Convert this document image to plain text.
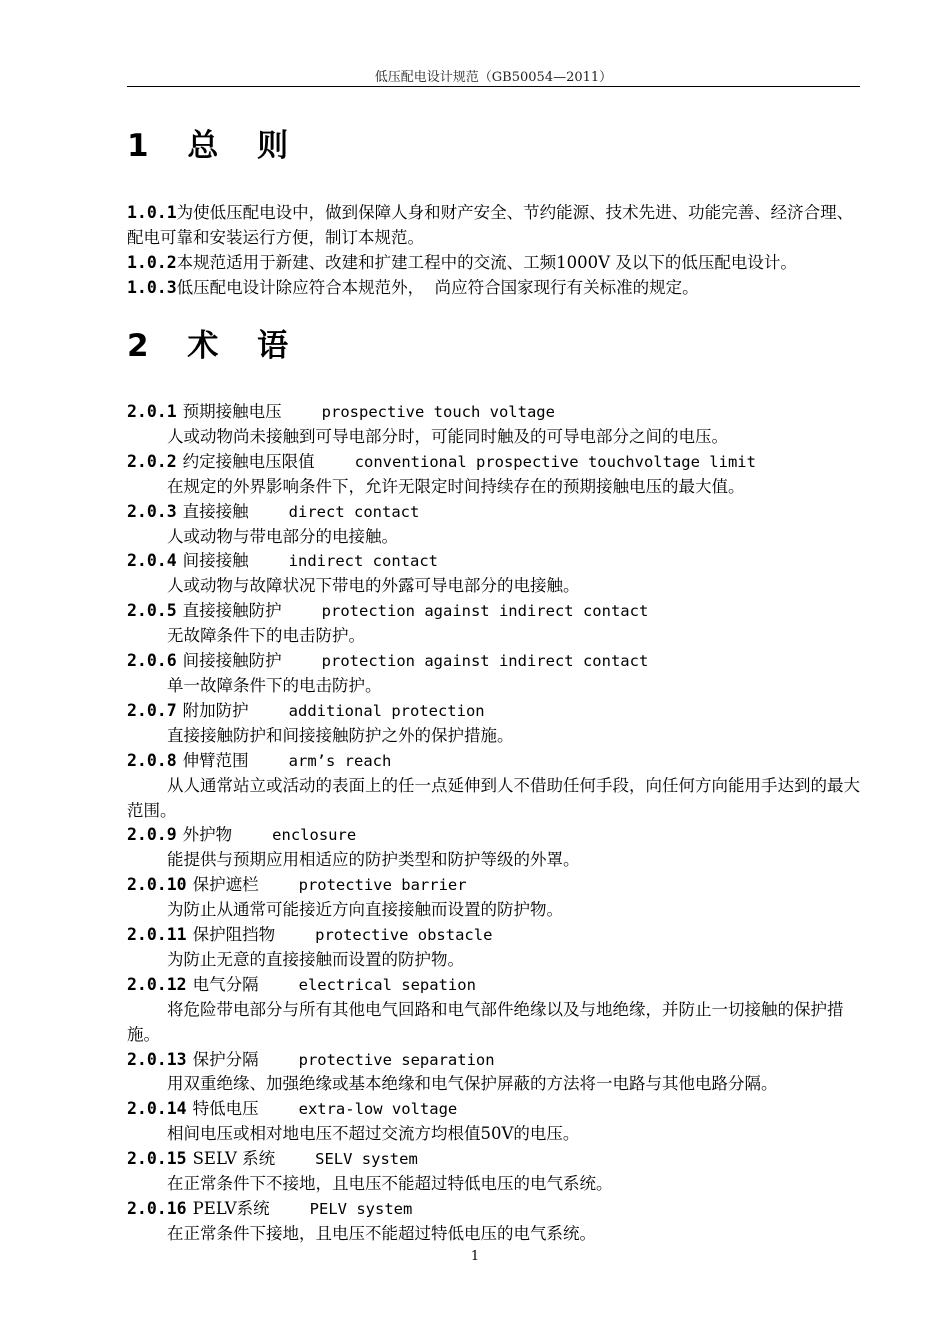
低压配电设计规范（GB50054—2011）
1 总 则
1.0.1为使低压配电设中，做到保障人身和财产安全、节约能源、技术先进、功能完善、经济合理、配电可靠和安装运行方便，制订本规范。
1.0.2本规范适用于新建、改建和扩建工程中的交流、工频1000V 及以下的低压配电设计。
1.0.3低压配电设计除应符合本规范外，  尚应符合国家现行有关标准的规定。
2 术 语
2.0.1 预期接触电压	prospective touch voltage
人或动物尚未接触到可导电部分时，可能同时触及的可导电部分之间的电压。
2.0.2 约定接触电压限值	conventional prospective touchvoltage limit
在规定的外界影响条件下，允许无限定时间持续存在的预期接触电压的最大值。
2.0.3 直接接触	direct contact
人或动物与带电部分的电接触。
2.0.4 间接接触	indirect contact
人或动物与故障状况下带电的外露可导电部分的电接触。
2.0.5 直接接触防护	protection against indirect contact
无故障条件下的电击防护。
2.0.6 间接接触防护	protection against indirect contact
单一故障条件下的电击防护。
2.0.7 附加防护	additional protection
直接接触防护和间接接触防护之外的保护措施。
2.0.8 伸臂范围	arm’s reach
从人通常站立或活动的表面上的任一点延伸到人不借助任何手段，向任何方向能用手达到的最大范围。
2.0.9 外护物	enclosure
能提供与预期应用相适应的防护类型和防护等级的外罩。
2.0.10 保护遮栏	protective barrier
为防止从通常可能接近方向直接接触而设置的防护物。
2.0.11 保护阻挡物	protective obstacle
为防止无意的直接接触而设置的防护物。
2.0.12 电气分隔	electrical sepation
将危险带电部分与所有其他电气回路和电气部件绝缘以及与地绝缘，并防止一切接触的保护措施。
2.0.13 保护分隔	protective separation
用双重绝缘、加强绝缘或基本绝缘和电气保护屏蔽的方法将一电路与其他电路分隔。
2.0.14 特低电压	extra-low voltage
相间电压或相对地电压不超过交流方均根值50V的电压。
2.0.15 SELV 系统	SELV system
在正常条件下不接地，且电压不能超过特低电压的电气系统。
2.0.16 PELV系统	PELV system
在正常条件下接地，且电压不能超过特低电压的电气系统。
1
